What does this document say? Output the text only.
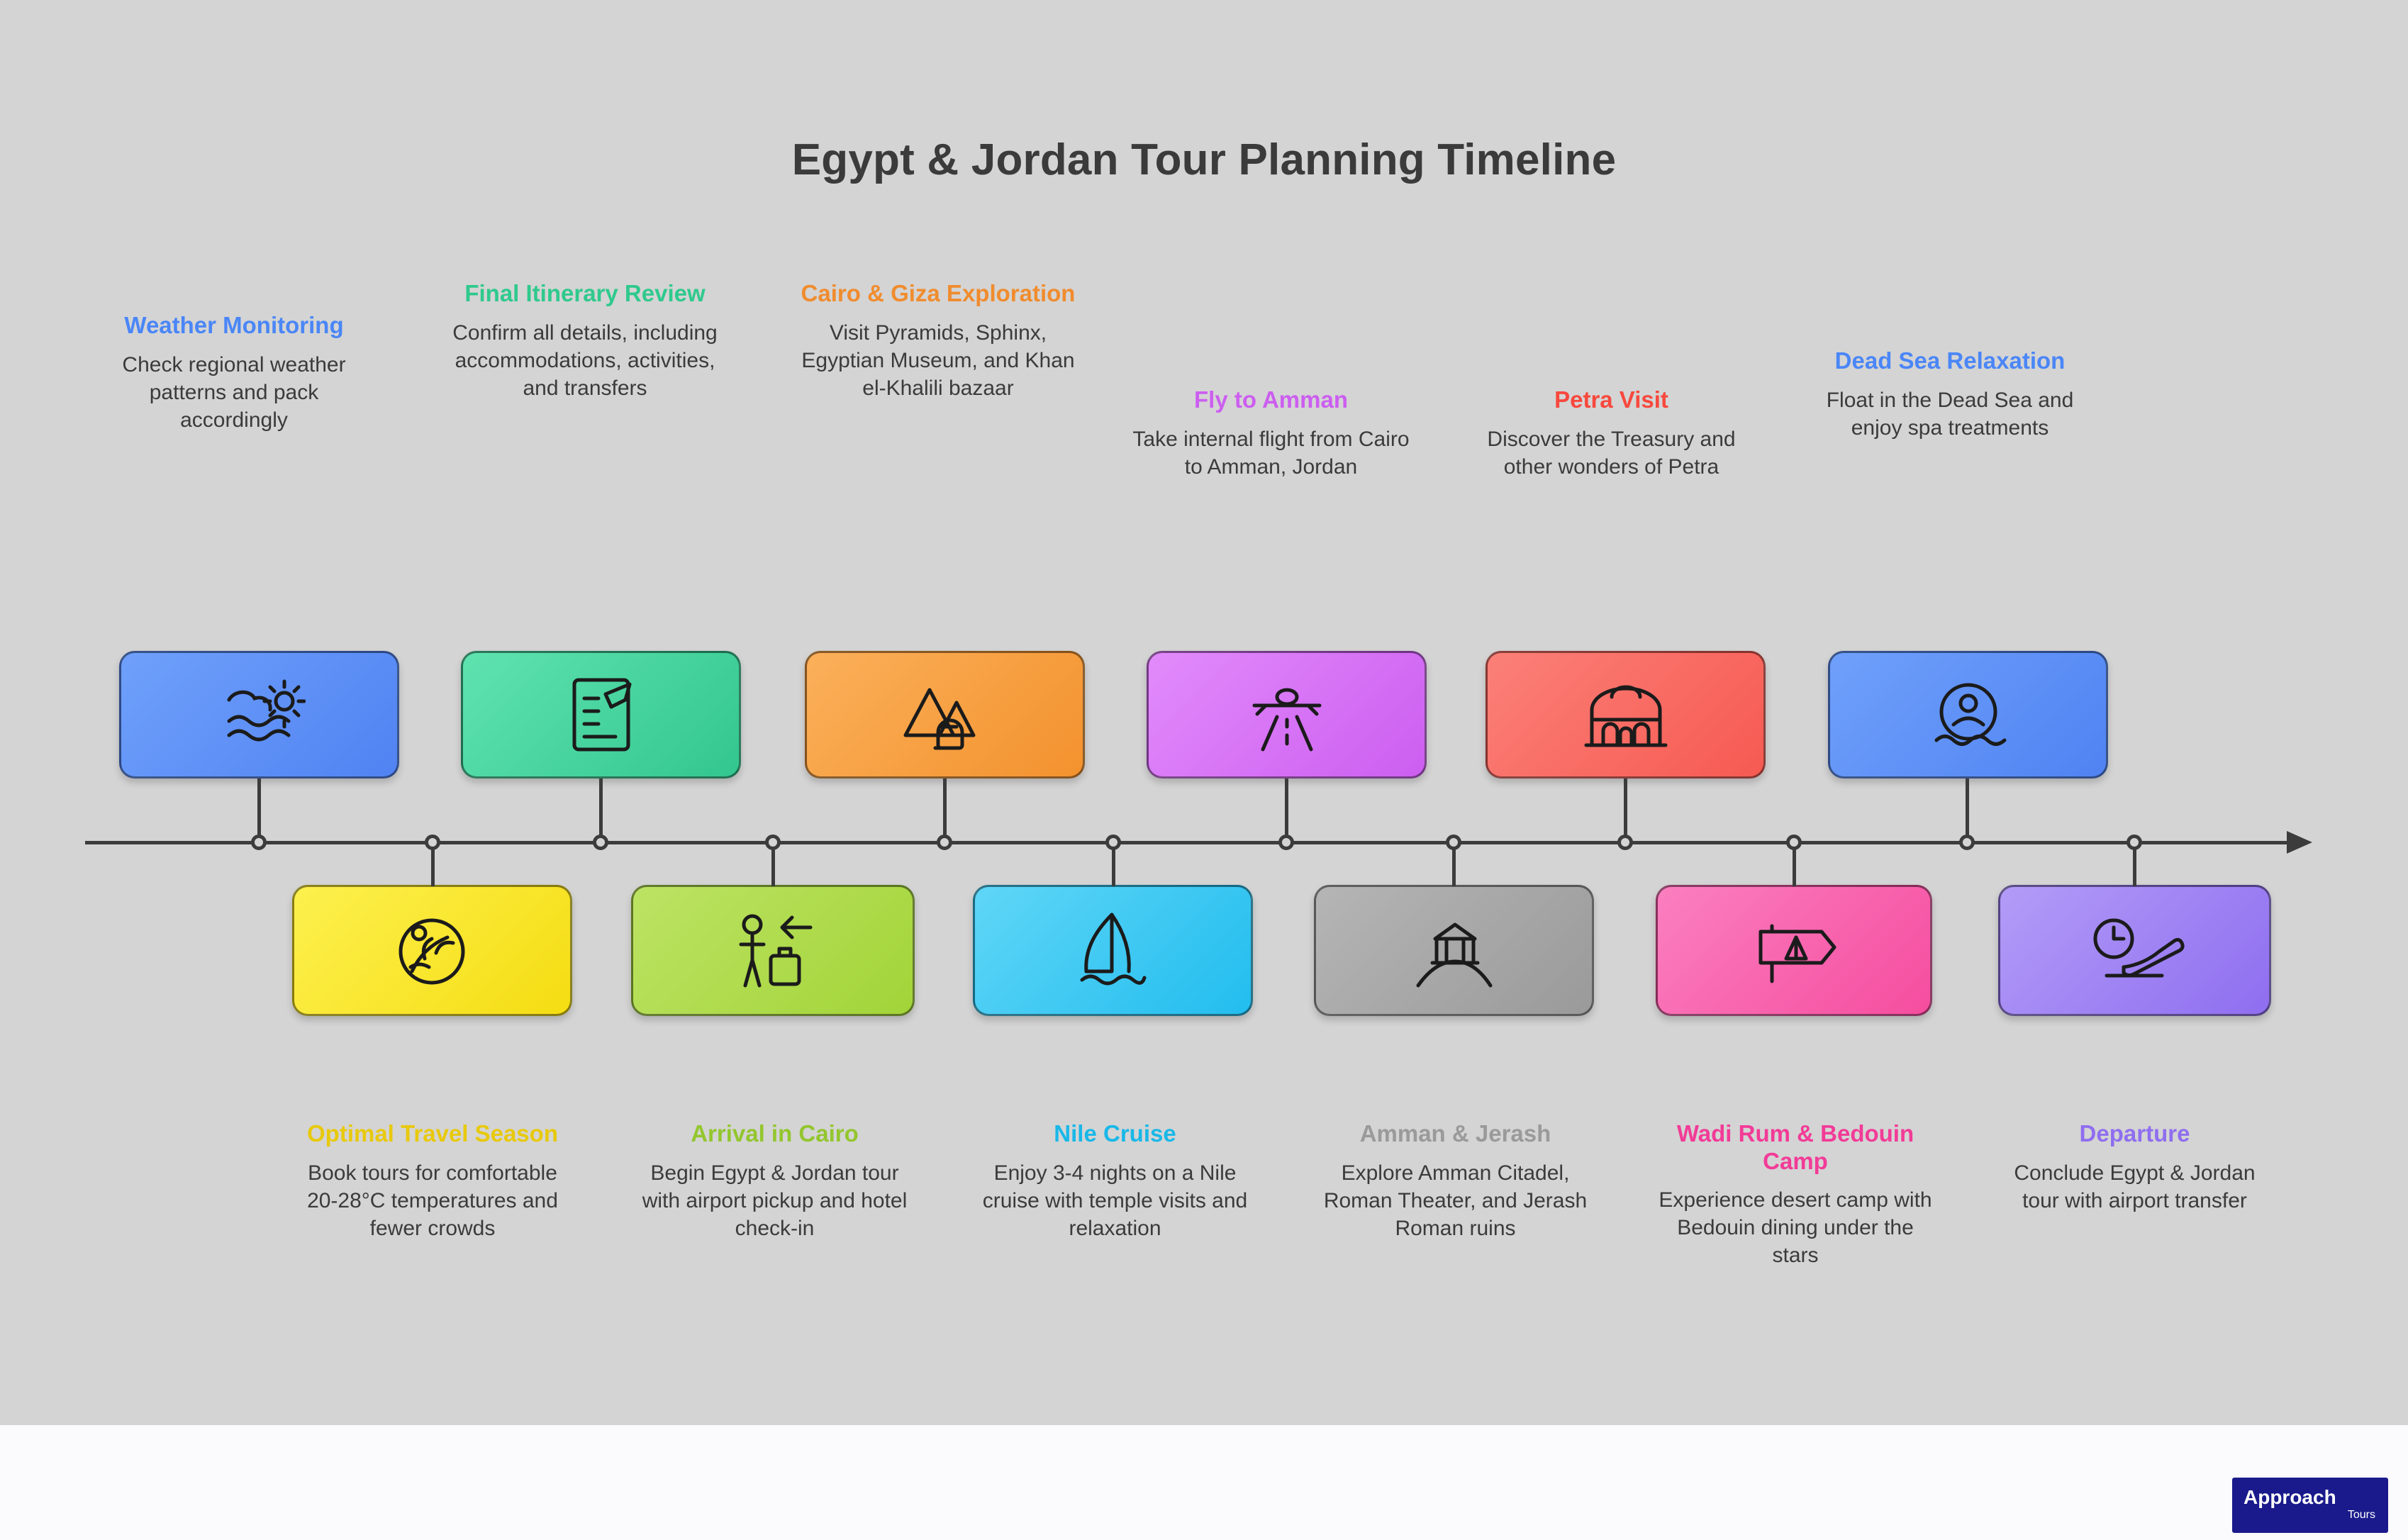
Egypt & Jordan Tour Planning Timeline
Weather Monitoring
Check regional weather patterns and pack accordingly
Final Itinerary Review
Confirm all details, including accommodations, activities, and transfers
Cairo & Giza Exploration
Visit Pyramids, Sphinx, Egyptian Museum, and Khan el-Khalili bazaar	Fly to Amman
Take internal flight from Cairo to Amman, Jordan
Petra Visit
Discover the Treasury and other wonders of Petra
Dead Sea Relaxation
Float in the Dead Sea and enjoy spa treatments
Optimal Travel Season
Book tours for comfortable 20-28°C temperatures and fewer crowds
Arrival in Cairo
Begin Egypt & Jordan tour with airport pickup and hotel check-in
Nile Cruise
Enjoy 3-4 nights on a Nile cruise with temple visits and relaxation
Amman & Jerash
Explore Amman Citadel, Roman Theater, and Jerash Roman ruins
Wadi Rum & Bedouin Camp
Experience desert camp with Bedouin dining under the stars
Departure
Conclude Egypt & Jordan tour with airport transfer
Approach
Tours
